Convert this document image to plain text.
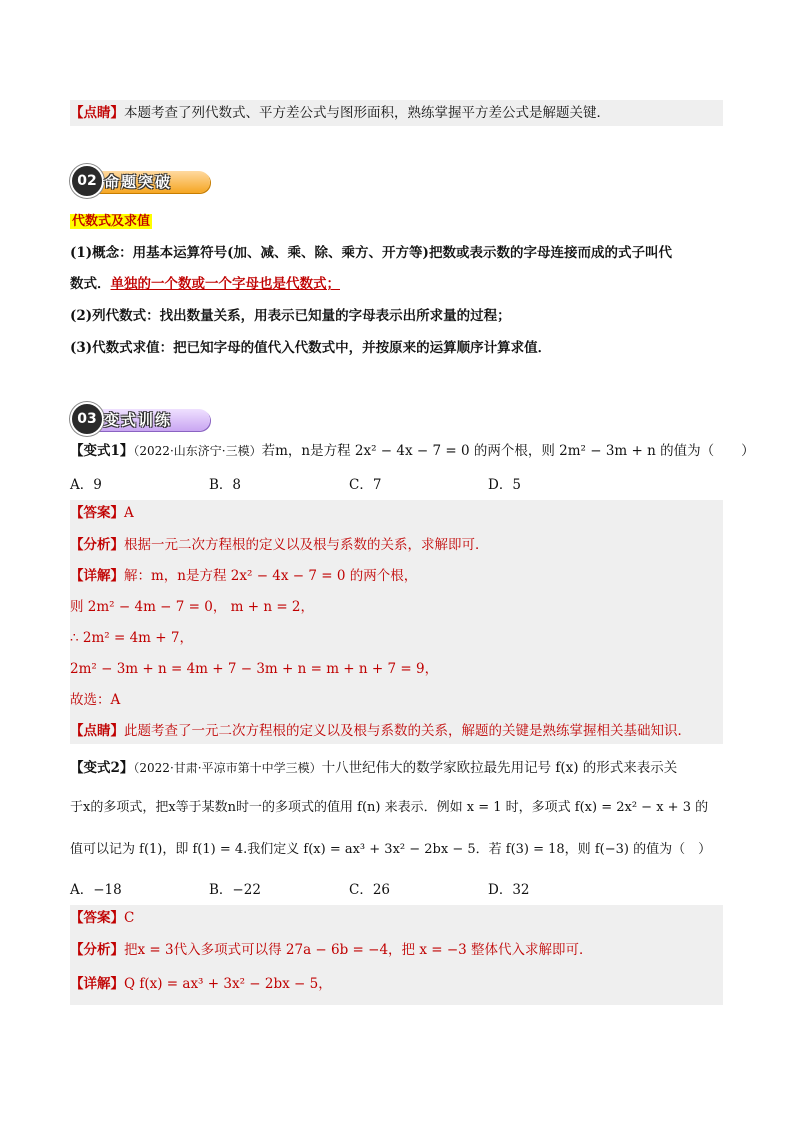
【点睛】本题考查了列代数式、平方差公式与图形面积，熟练掌握平方差公式是解题关键．
02 命题突破
代数式及求值
(1)概念：用基本运算符号(加、减、乘、除、乘方、开方等)把数或表示数的字母连接而成的式子叫代
数式．单独的一个数或一个字母也是代数式；
(2)列代数式：找出数量关系，用表示已知量的字母表示出所求量的过程；
(3)代数式求值：把已知字母的值代入代数式中，并按原来的运算顺序计算求值．
03 变式训练
【变式1】（2022·山东济宁·三模）若m，n是方程 2x² − 4x − 7 = 0 的两个根，则 2m² − 3m + n 的值为（　　）
A．9	B．8	C．7	D．5
【答案】A
【分析】根据一元二次方程根的定义以及根与系数的关系，求解即可．
【详解】解：m，n是方程 2x² − 4x − 7 = 0 的两个根，
则 2m² − 4m − 7 = 0， m + n = 2，
∴ 2m² = 4m + 7，
2m² − 3m + n = 4m + 7 − 3m + n = m + n + 7 = 9，
故选：A
【点睛】此题考查了一元二次方程根的定义以及根与系数的关系，解题的关键是熟练掌握相关基础知识．
【变式2】（2022·甘肃·平凉市第十中学三模）十八世纪伟大的数学家欧拉最先用记号 f(x) 的形式来表示关
于x的多项式，把x等于某数n时一的多项式的值用 f(n) 来表示．例如 x = 1 时，多项式 f(x) = 2x² − x + 3 的
值可以记为 f(1)，即 f(1) = 4.我们定义 f(x) = ax³ + 3x² − 2bx − 5．若 f(3) = 18，则 f(−3) 的值为（　）
A．−18	B．−22	C．26	D．32
【答案】C
【分析】把x = 3代入多项式可以得 27a − 6b = −4，把 x = −3 整体代入求解即可．
【详解】Q f(x) = ax³ + 3x² − 2bx − 5，
